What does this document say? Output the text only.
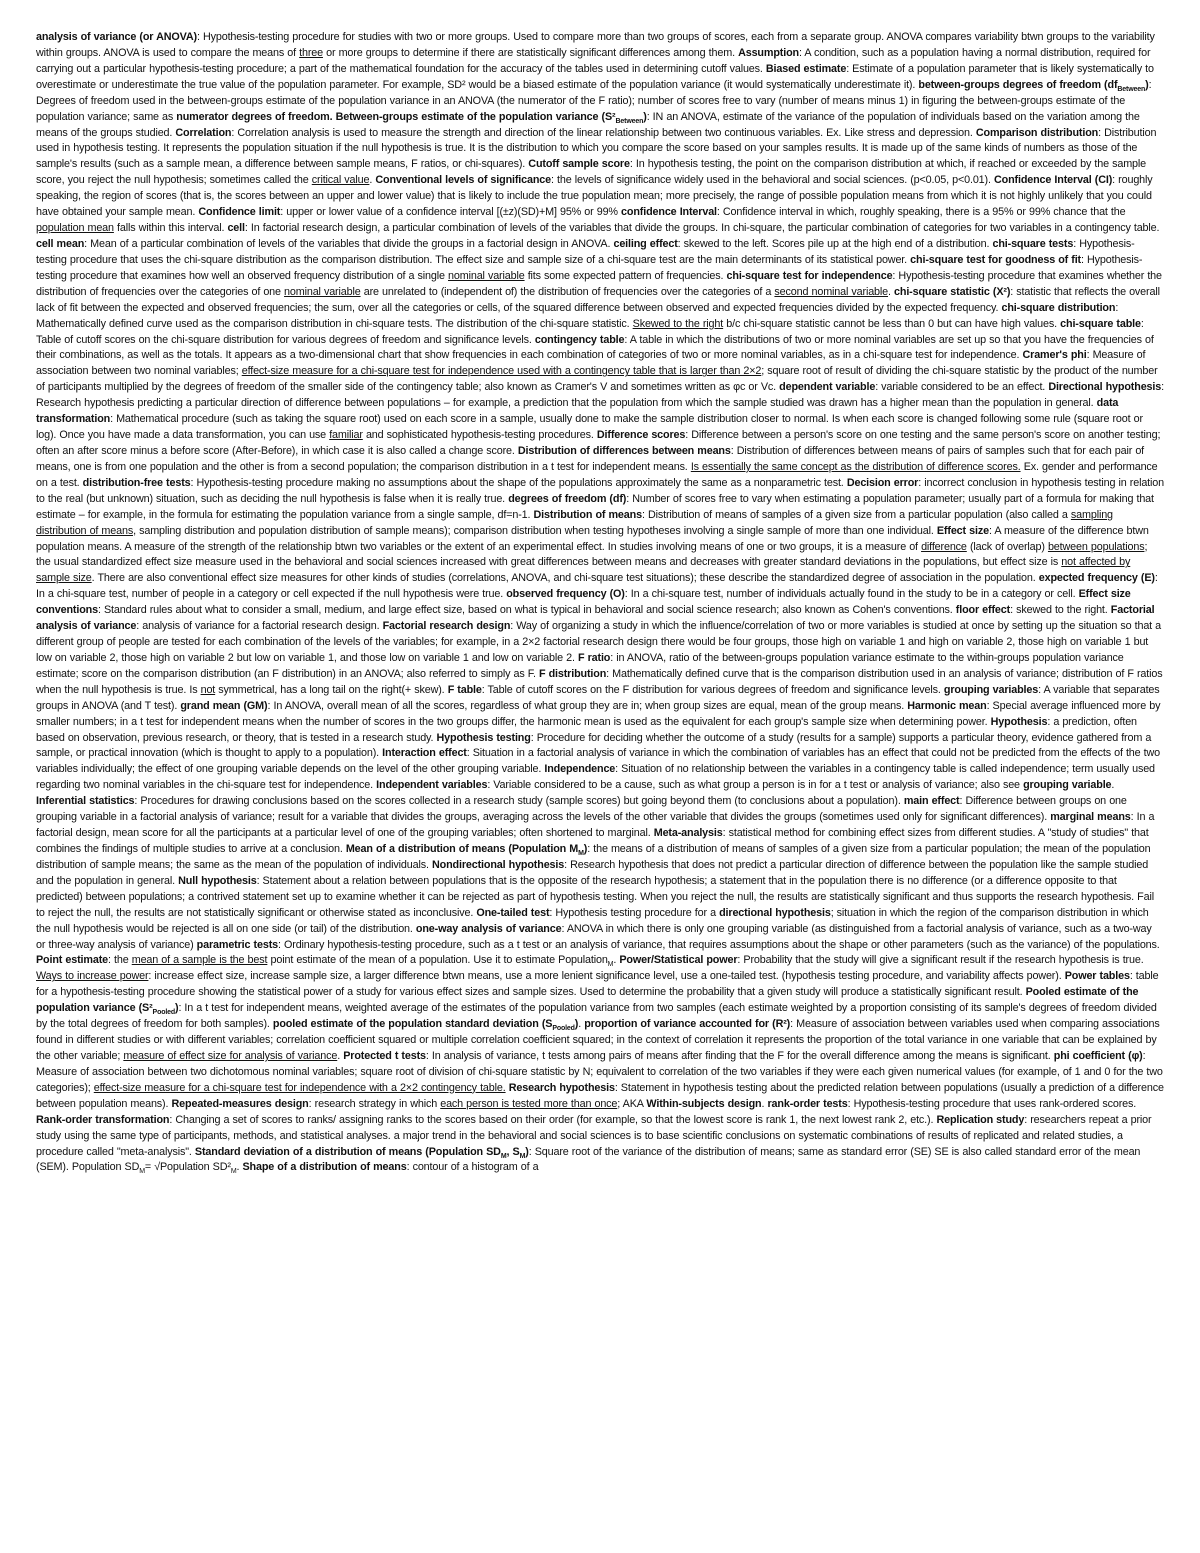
analysis of variance (or ANOVA): Hypothesis-testing procedure for studies with two or more groups. Used to compare more than two groups of scores, each from a separate group. ANOVA compares variability btwn groups to the variability within groups. ANOVA is used to compare the means of three or more groups to determine if there are statistically significant differences among them. Assumption: A condition, such as a population having a normal distribution, required for carrying out a particular hypothesis-testing procedure; a part of the mathematical foundation for the accuracy of the tables used in determining cutoff values. Biased estimate: Estimate of a population parameter that is likely systematically to overestimate or underestimate the true value of the population parameter. For example, SD² would be a biased estimate of the population variance (it would systematically underestimate it). between-groups degrees of freedom $(df_{Between})$: Degrees of freedom used in the between-groups estimate of the population variance in an ANOVA (the numerator of the F ratio); number of scores free to vary (number of means minus 1) in figuring the between-groups estimate of the population variance; same as numerator degrees of freedom. Between-groups estimate of the population variance $(S^2_{Between})$: IN an ANOVA, estimate of the variance of the population of individuals based on the variation among the means of the groups studied. Correlation: Correlation analysis is used to measure the strength and direction of the linear relationship between two continuous variables. Ex. Like stress and depression. Comparison distribution: Distribution used in hypothesis testing. It represents the population situation if the null hypothesis is true. It is the distribution to which you compare the score based on your samples results. It is made up of the same kinds of numbers as those of the sample's results (such as a sample mean, a difference between sample means, F ratios, or chi-squares). Cutoff sample score: In hypothesis testing, the point on the comparison distribution at which, if reached or exceeded by the sample score, you reject the null hypothesis; sometimes called the critical value. Conventional levels of significance: the levels of significance widely used in the behavioral and social sciences. (p<0.05, p<0.01). Confidence Interval (CI): roughly speaking, the region of scores (that is, the scores between an upper and lower value) that is likely to include the true population mean; more precisely, the range of possible population means from which it is not highly unlikely that you could have obtained your sample mean. Confidence limit: upper or lower value of a confidence interval [(±z)(SD)+M] 95% or 99% confidence Interval: Confidence interval in which, roughly speaking, there is a 95% or 99% chance that the population mean falls within this interval. cell: In factorial research design, a particular combination of levels of the variables that divide the groups. In chi-square, the particular combination of categories for two variables in a contingency table. cell mean: Mean of a particular combination of levels of the variables that divide the groups in a factorial design in ANOVA. ceiling effect: skewed to the left. Scores pile up at the high end of a distribution. chi-square tests: Hypothesis-testing procedure that uses the chi-square distribution as the comparison distribution. The effect size and sample size of a chi-square test are the main determinants of its statistical power. chi-square test for goodness of fit: Hypothesis-testing procedure that examines how well an observed frequency distribution of a single nominal variable fits some expected pattern of frequencies. chi-square test for independence: Hypothesis-testing procedure that examines whether the distribution of frequencies over the categories of one nominal variable are unrelated to (independent of) the distribution of frequencies over the categories of a second nominal variable. chi-square statistic (X²): statistic that reflects the overall lack of fit between the expected and observed frequencies; the sum, over all the categories or cells, of the squared difference between observed and expected frequencies divided by the expected frequency. chi-square distribution: Mathematically defined curve used as the comparison distribution in chi-square tests. The distribution of the chi-square statistic. Skewed to the right b/c chi-square statistic cannot be less than 0 but can have high values. chi-square table: Table of cutoff scores on the chi-square distribution for various degrees of freedom and significance levels. contingency table: A table in which the distributions of two or more nominal variables are set up so that you have the frequencies of their combinations, as well as the totals. It appears as a two-dimensional chart that show frequencies in each combination of categories of two or more nominal variables, as in a chi-square test for independence. Cramer's phi: Measure of association between two nominal variables; effect-size measure for a chi-square test for independence used with a contingency table that is larger than 2×2; square root of result of dividing the chi-square statistic by the product of the number of participants multiplied by the degrees of freedom of the smaller side of the contingency table; also known as Cramer's V and sometimes written as φc or Vc. dependent variable: variable considered to be an effect. Directional hypothesis: Research hypothesis predicting a particular direction of difference between populations – for example, a prediction that the population from which the sample studied was drawn has a higher mean than the population in general. data transformation: Mathematical procedure (such as taking the square root) used on each score in a sample, usually done to make the sample distribution closer to normal. Is when each score is changed following some rule (square root or log). Once you have made a data transformation, you can use familiar and sophisticated hypothesis-testing procedures. Difference scores: Difference between a person's score on one testing and the same person's score on another testing; often an after score minus a before score (After-Before), in which case it is also called a change score. Distribution of differences between means: Distribution of differences between means of pairs of samples such that for each pair of means, one is from one population and the other is from a second population; the comparison distribution in a t test for independent means. Is essentially the same concept as the distribution of difference scores. Ex. gender and performance on a test. distribution-free tests: Hypothesis-testing procedure making no assumptions about the shape of the populations approximately the same as a nonparametric test. Decision error: incorrect conclusion in hypothesis testing in relation to the real (but unknown) situation, such as deciding the null hypothesis is false when it is really true. degrees of freedom (df): Number of scores free to vary when estimating a population parameter; usually part of a formula for making that estimate – for example, in the formula for estimating the population variance from a single sample, df=n-1. Distribution of means: Distribution of means of samples of a given size from a particular population (also called a sampling distribution of means, sampling distribution and population distribution of sample means); comparison distribution when testing hypotheses involving a single sample of more than one individual. Effect size: A measure of the difference btwn population means. A measure of the strength of the relationship btwn two variables or the extent of an experimental effect. In studies involving means of one or two groups, it is a measure of difference (lack of overlap) between populations; the usual standardized effect size measure used in the behavioral and social sciences increased with great differences between means and decreases with greater standard deviations in the populations, but effect size is not affected by sample size. There are also conventional effect size measures for other kinds of studies (correlations, ANOVA, and chi-square test situations); these describe the standardized degree of association in the population. expected frequency (E): In a chi-square test, number of people in a category or cell expected if the null hypothesis were true. observed frequency (O): In a chi-square test, number of individuals actually found in the study to be in a category or cell. Effect size conventions: Standard rules about what to consider a small, medium, and large effect size, based on what is typical in behavioral and social science research; also known as Cohen's conventions. floor effect: skewed to the right. Factorial analysis of variance: analysis of variance for a factorial research design. Factorial research design: Way of organizing a study in which the influence/correlation of two or more variables is studied at once by setting up the situation so that a different group of people are tested for each combination of the levels of the variables; for example, in a 2×2 factorial research design there would be four groups, those high on variable 1 and high on variable 2, those high on variable 1 but low on variable 2, those high on variable 2 but low on variable 1, and those low on variable 1 and low on variable 2. F ratio: in ANOVA, ratio of the between-groups population variance estimate to the within-groups population variance estimate; score on the comparison distribution (an F distribution) in an ANOVA; also referred to simply as F. F distribution: Mathematically defined curve that is the comparison distribution used in an analysis of variance; distribution of F ratios when the null hypothesis is true. Is not symmetrical, has a long tail on the right(+ skew). F table: Table of cutoff scores on the F distribution for various degrees of freedom and significance levels. grouping variables: A variable that separates groups in ANOVA (and T test). grand mean (GM): In ANOVA, overall mean of all the scores, regardless of what group they are in; when group sizes are equal, mean of the group means. Harmonic mean: Special average influenced more by smaller numbers; in a t test for independent means when the number of scores in the two groups differ, the harmonic mean is used as the equivalent for each group's sample size when determining power. Hypothesis: a prediction, often based on observation, previous research, or theory, that is tested in a research study. Hypothesis testing: Procedure for deciding whether the outcome of a study (results for a sample) supports a particular theory, evidence gathered from a sample, or practical innovation (which is thought to apply to a population). Interaction effect: Situation in a factorial analysis of variance in which the combination of variables has an effect that could not be predicted from the effects of the two variables individually; the effect of one grouping variable depends on the level of the other grouping variable. Independence: Situation of no relationship between the variables in a contingency table is called independence; term usually used regarding two nominal variables in the chi-square test for independence. Independent variables: Variable considered to be a cause, such as what group a person is in for a t test or analysis of variance; also see grouping variable. Inferential statistics: Procedures for drawing conclusions based on the scores collected in a research study (sample scores) but going beyond them (to conclusions about a population). main effect: Difference between groups on one grouping variable in a factorial analysis of variance; result for a variable that divides the groups, averaging across the levels of the other variable that divides the groups (sometimes used only for significant differences). marginal means: In a factorial design, mean score for all the participants at a particular level of one of the grouping variables; often shortened to marginal. Meta-analysis: statistical method for combining effect sizes from different studies. A "study of studies" that combines the findings of multiple studies to arrive at a conclusion. Mean of a distribution of means (Population $M_M$): the means of a distribution of means of samples of a given size from a particular population; the mean of the population distribution of sample means; the same as the mean of the population of individuals. Nondirectional hypothesis: Research hypothesis that does not predict a particular direction of difference between the population like the sample studied and the population in general. Null hypothesis: Statement about a relation between populations that is the opposite of the research hypothesis; a statement that in the population there is no difference (or a difference opposite to that predicted) between populations; a contrived statement set up to examine whether it can be rejected as part of hypothesis testing. When you reject the null, the results are statistically significant and thus supports the research hypothesis. Fail to reject the null, the results are not statistically significant or otherwise stated as inconclusive. One-tailed test: Hypothesis testing procedure for a directional hypothesis; situation in which the region of the comparison distribution in which the null hypothesis would be rejected is all on one side (or tail) of the distribution. one-way analysis of variance: ANOVA in which there is only one grouping variable (as distinguished from a factorial analysis of variance, such as a two-way or three-way analysis of variance) parametric tests: Ordinary hypothesis-testing procedure, such as a t test or an analysis of variance, that requires assumptions about the shape or other parameters (such as the variance) of the populations. Point estimate: the mean of a sample is the best point estimate of the mean of a population. Use it to estimate Population$_M$. Power/Statistical power: Probability that the study will give a significant result if the research hypothesis is true. Ways to increase power: increase effect size, increase sample size, a larger difference btwn means, use a more lenient significance level, use a one-tailed test. (hypothesis testing procedure, and variability affects power). Power tables: table for a hypothesis-testing procedure showing the statistical power of a study for various effect sizes and sample sizes. Used to determine the probability that a given study will produce a statistically significant result. Pooled estimate of the population variance $(S^2_{Pooled})$: In a t test for independent means, weighted average of the estimates of the population variance from two samples (each estimate weighted by a proportion consisting of its sample's degrees of freedom divided by the total degrees of freedom for both samples). pooled estimate of the population standard deviation $(S_{Pooled})$. proportion of variance accounted for (R²): Measure of association between variables used when comparing associations found in different studies or with different variables; correlation coefficient squared or multiple correlation coefficient squared; in the context of correlation it represents the proportion of the total variance in one variable that can be explained by the other variable; measure of effect size for analysis of variance. Protected t tests: In analysis of variance, t tests among pairs of means after finding that the F for the overall difference among the means is significant. phi coefficient (φ): Measure of association between two dichotomous nominal variables; square root of division of chi-square statistic by N; equivalent to correlation of the two variables if they were each given numerical values (for example, of 1 and 0 for the two categories); effect-size measure for a chi-square test for independence with a 2×2 contingency table. Research hypothesis: Statement in hypothesis testing about the predicted relation between populations (usually a prediction of a difference between population means). Repeated-measures design: research strategy in which each person is tested more than once; AKA Within-subjects design. rank-order tests: Hypothesis-testing procedure that uses rank-ordered scores. Rank-order transformation: Changing a set of scores to ranks/ assigning ranks to the scores based on their order (for example, so that the lowest score is rank 1, the next lowest rank 2, etc.). Replication study: researchers repeat a prior study using the same type of participants, methods, and statistical analyses. a major trend in the behavioral and social sciences is to base scientific conclusions on systematic combinations of results of replicated and related studies, a procedure called "meta-analysis". Standard deviation of a distribution of means (Population $SD_M$, $S_M$): Square root of the variance of the distribution of means; same as standard error (SE) SE is also called standard error of the mean (SEM). Population $SD_M=$ √Population $SD^2_M$. Shape of a distribution of means: contour of a histogram of a
